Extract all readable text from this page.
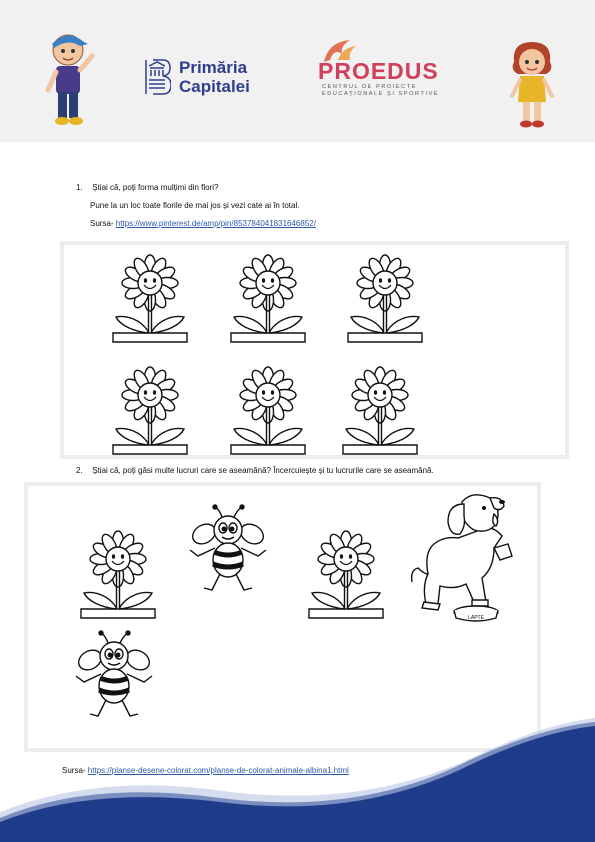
Primăria
Capitalei
PROEDUS
CENTRUL DE PROIECTE
EDUCAȚIONALE ȘI SPORTIVE
1. Știai că, poți forma mulțimi din flori?
Pune la un loc toate florile de mai jos și vezi cate ai în total.
Sursa- https://www.pinterest.de/amp/pin/853784041831646852/
2. Știai că, poți găsi multe lucruri care se aseamănă? Încercuiește și tu lucrurile care se aseamănă.
LAPTE
Sursa- https://planse-desene-colorat.com/planse-de-colorat-animale-albina1.html
